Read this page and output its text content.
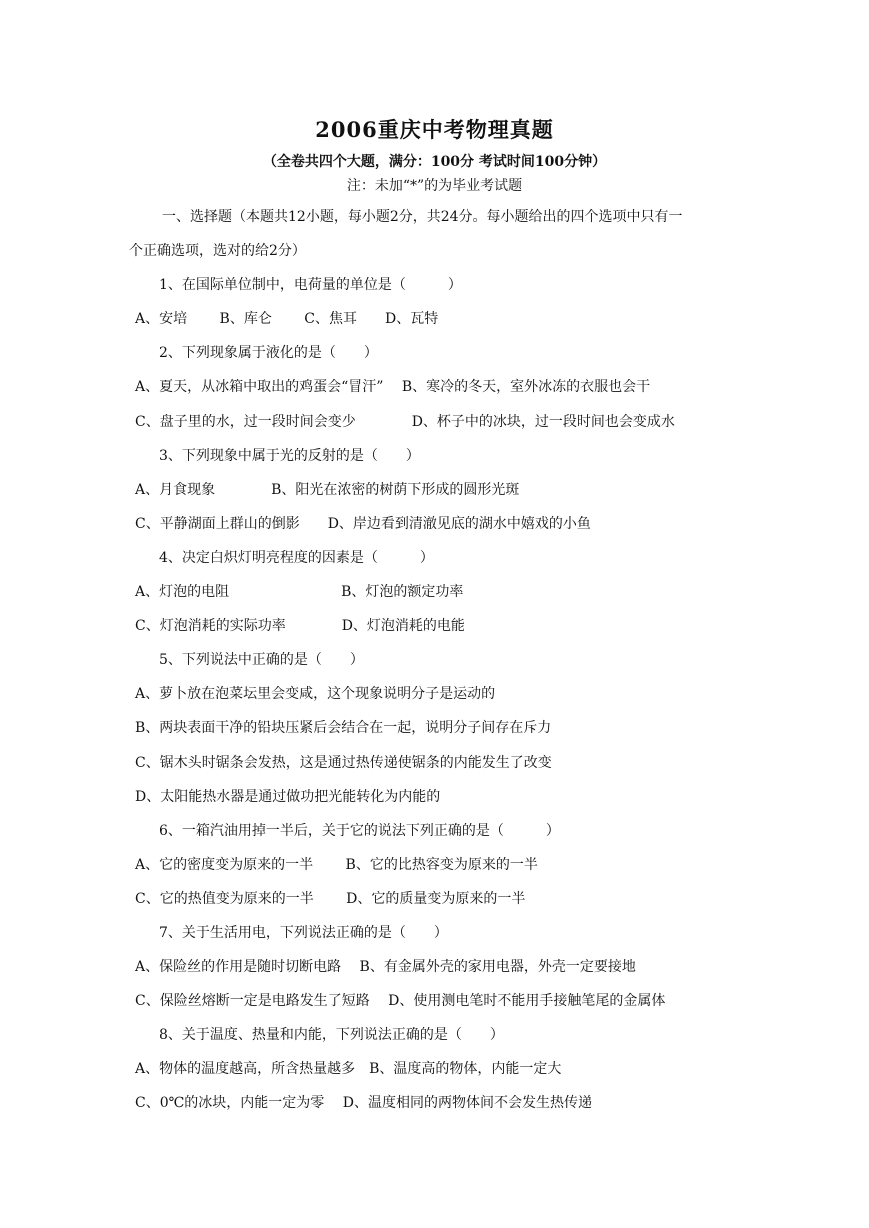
2006重庆中考物理真题
（全卷共四个大题，满分：100分 考试时间100分钟）
注：未加“*”的为毕业考试题
一、选择题（本题共12小题，每小题2分，共24分。每小题给出的四个选项中只有一
个正确选项，选对的给2分）
1、在国际单位制中，电荷量的单位是（　　　）
A、安培　　 B、库仑　　 C、焦耳　　D、瓦特
2、下列现象属于液化的是（　　）
A、夏天，从冰箱中取出的鸡蛋会“冒汗”　 B、寒冷的冬天，室外冰冻的衣服也会干
C、盘子里的水，过一段时间会变少　　　　D、杯子中的冰块，过一段时间也会变成水
3、下列现象中属于光的反射的是（　　）
A、月食现象　　　　B、阳光在浓密的树荫下形成的圆形光斑
C、平静湖面上群山的倒影　　D、岸边看到清澈见底的湖水中嬉戏的小鱼
4、决定白炽灯明亮程度的因素是（　　　）
A、灯泡的电阻　　　　　　　　B、灯泡的额定功率
C、灯泡消耗的实际功率　　　　D、灯泡消耗的电能
5、下列说法中正确的是（　　）
A、萝卜放在泡菜坛里会变咸，这个现象说明分子是运动的
B、两块表面干净的铅块压紧后会结合在一起，说明分子间存在斥力
C、锯木头时锯条会发热，这是通过热传递使锯条的内能发生了改变
D、太阳能热水器是通过做功把光能转化为内能的
6、一箱汽油用掉一半后，关于它的说法下列正确的是（　　　）
A、它的密度变为原来的一半　　 B、它的比热容变为原来的一半
C、它的热值变为原来的一半　　 D、它的质量变为原来的一半
7、关于生活用电，下列说法正确的是（　　）
A、保险丝的作用是随时切断电路　 B、有金属外壳的家用电器，外壳一定要接地
C、保险丝熔断一定是电路发生了短路　 D、使用测电笔时不能用手接触笔尾的金属体
8、关于温度、热量和内能，下列说法正确的是（　　）
A、物体的温度越高，所含热量越多　B、温度高的物体，内能一定大
C、0℃的冰块，内能一定为零　 D、温度相同的两物体间不会发生热传递
